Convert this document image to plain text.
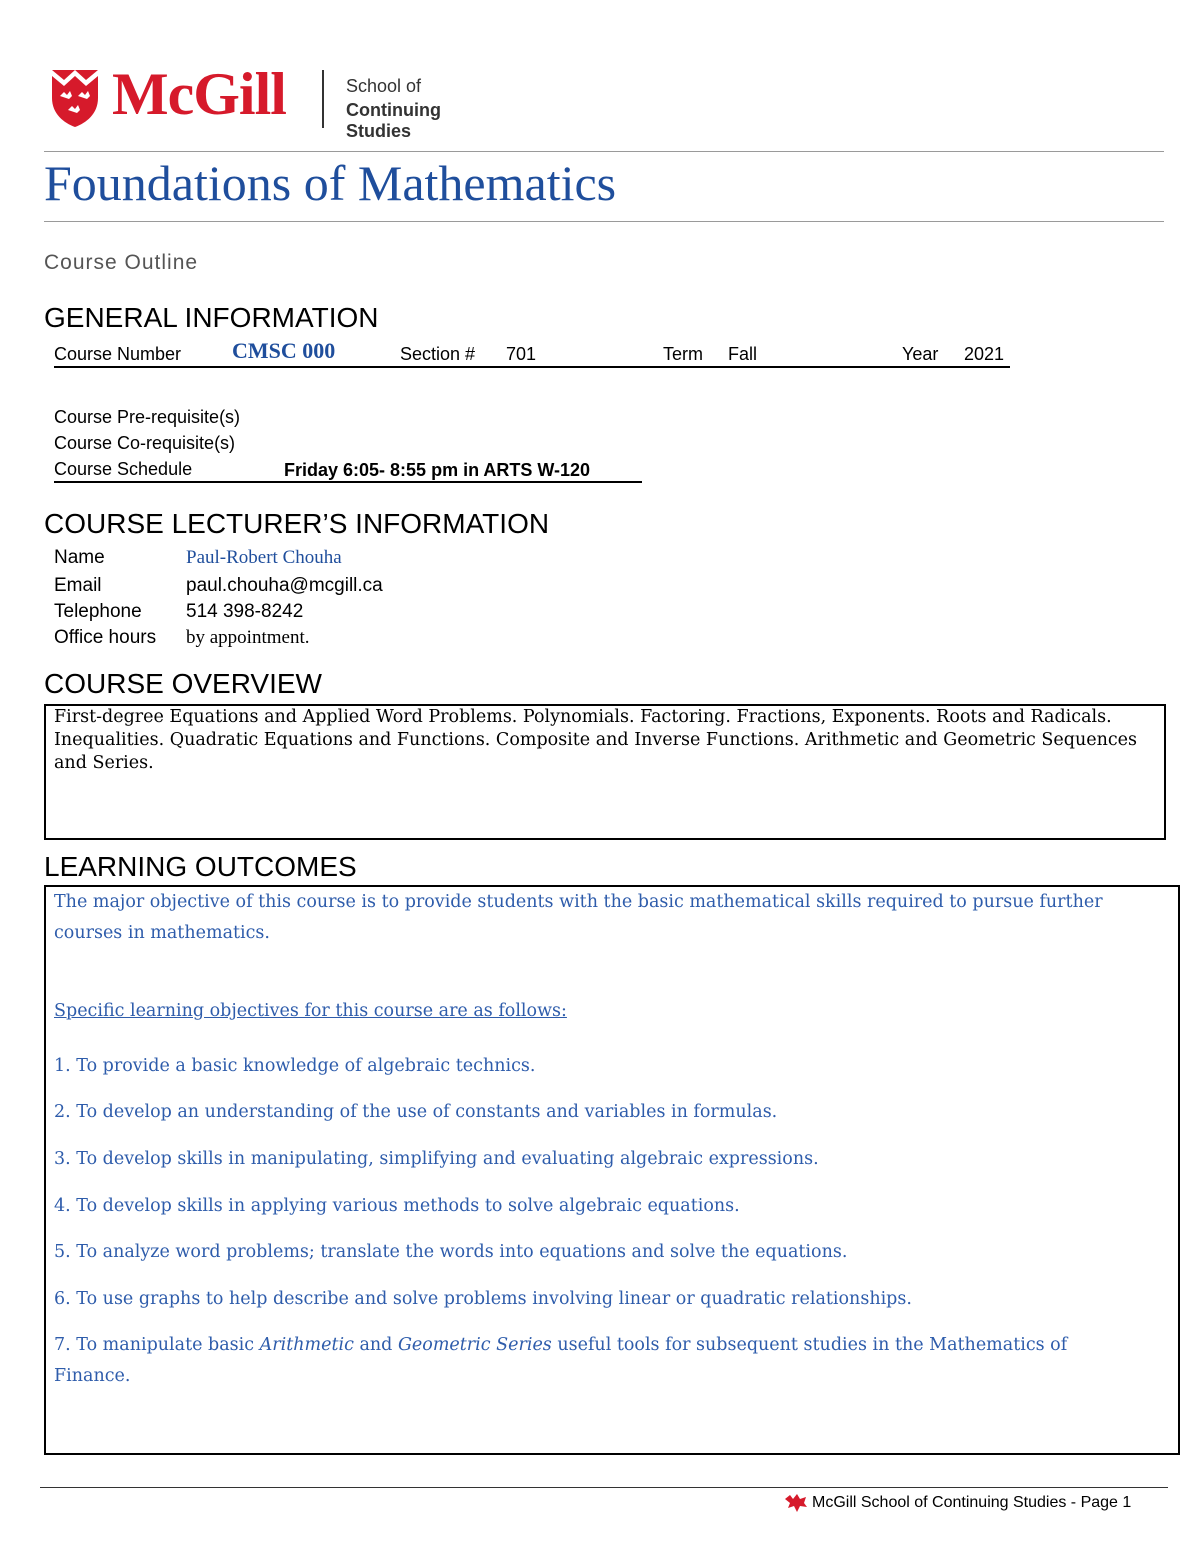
McGill	School of
Continuing Studies
Foundations of Mathematics
Course Outline
GENERAL INFORMATION
Course Number CMSC 000	Section # 701	Term Fall	Year 2021
Course Pre-requisite(s)
Course Co-requisite(s)
Course Schedule	Friday 6:05- 8:55 pm in ARTS W-120
COURSE LECTURER’S INFORMATION
Name	Paul-Robert Chouha
Email	paul.chouha@mcgill.ca
Telephone 514 398-8242
Office hours by appointment.
COURSE OVERVIEW
First-degree Equations and Applied Word Problems. Polynomials. Factoring. Fractions, Exponents. Roots and Radicals. Inequalities. Quadratic Equations and Functions. Composite and Inverse Functions. Arithmetic and Geometric Sequences and Series.
LEARNING OUTCOMES
The major objective of this course is to provide students with the basic mathematical skills required to pursue further courses in mathematics.
Specific learning objectives for this course are as follows:
1. To provide a basic knowledge of algebraic technics.
2. To develop an understanding of the use of constants and variables in formulas.
3. To develop skills in manipulating, simplifying and evaluating algebraic expressions.
4. To develop skills in applying various methods to solve algebraic equations.
5. To analyze word problems; translate the words into equations and solve the equations.
6. To use graphs to help describe and solve problems involving linear or quadratic relationships.
7. To manipulate basic Arithmetic and Geometric Series useful tools for subsequent studies in the Mathematics of Finance.
McGill School of Continuing Studies - Page 1
